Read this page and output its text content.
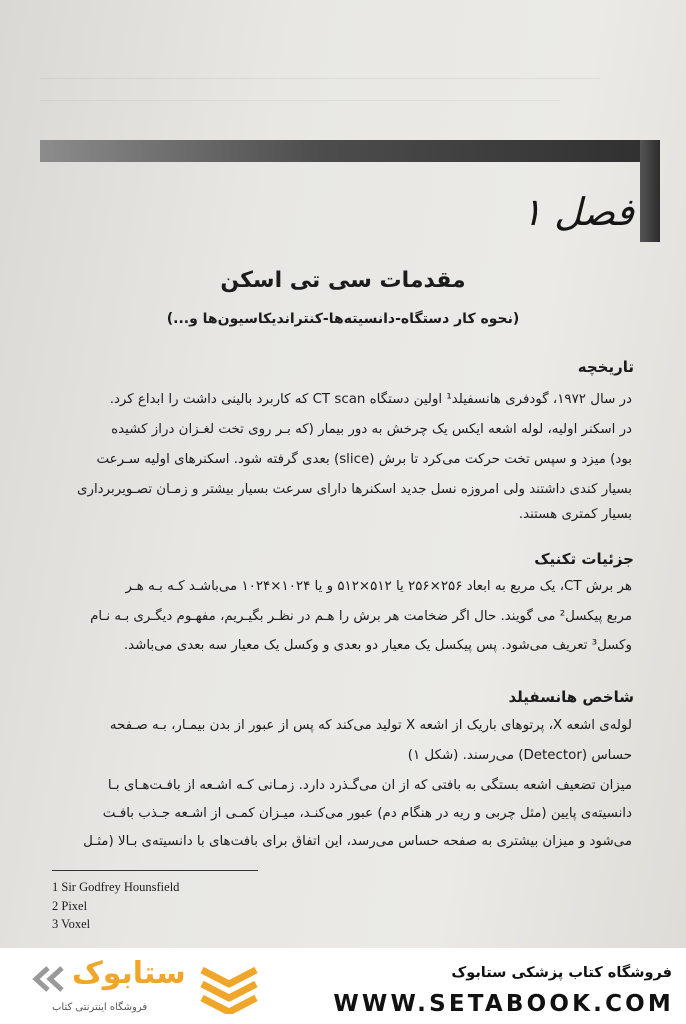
فصل ۱
مقدمات سی تی اسکن
(نحوه کار دستگاه-دانسیته‌ها-کنتراندیکاسیون‌ها و...)
تاریخچه
در سال ۱۹۷۲، گودفری هانسفیلد¹ اولین دستگاه CT scan که کاربرد بالینی داشت را ابداع کرد.
در اسکنر اولیه، لوله اشعه ایکس یک چرخش به دور بیمار (که بـر روی تخت لغـزان دراز کشیده
بود) میزد و سپس تخت حرکت می‌کرد تا برش (slice) بعدی گرفته شود. اسکنرهای اولیه سـرعت
بسیار کندی داشتند ولی امروزه نسل جدید اسکنرها دارای سرعت بسیار بیشتر و زمـان تصـویربرداری
بسیار کمتری هستند.
جزئیات تکنیک
هر برش CT، یک مربع به ابعاد ۲۵۶×۲۵۶ یا ۵۱۲×۵۱۲ و یا ۱۰۲۴×۱۰۲۴ می‌باشـد کـه بـه هـر
مربع پیکسل² می گویند. حال اگر ضخامت هر برش را هـم در نظـر بگیـریم، مفهـوم دیگـری بـه نـام
وکسل³ تعریف می‌شود. پس پیکسل یک معیار دو بعدی و وکسل یک معیار سه بعدی می‌باشد.
شاخص هانسفیلد
لوله‌ی اشعه X، پرتوهای باریک از اشعه X تولید می‌کند که پس از عبور از بدن بیمـار، بـه صـفحه
حساس (Detector) می‌رسند. (شکل ۱)
میزان تضعیف اشعه بستگی به بافتی که از ان می‌گـذرد دارد. زمـانی کـه اشـعه از بافـت‌هـای بـا
دانسیته‌ی پایین (مثل چربی و ریه در هنگام دم) عبور می‌کنـد، میـزان کمـی از اشـعه جـذب بافـت
می‌شود و میزان بیشتری به صفحه حساس می‌رسد، این اتفاق برای بافت‌های با دانسیته‌ی بـالا (مثـل
1 Sir Godfrey Hounsfield
2 Pixel
3 Voxel
ستابوک
فروشگاه اینترنتی کتاب
فروشگاه کتاب پزشکی ستابوک
WWW.SETABOOK.COM
